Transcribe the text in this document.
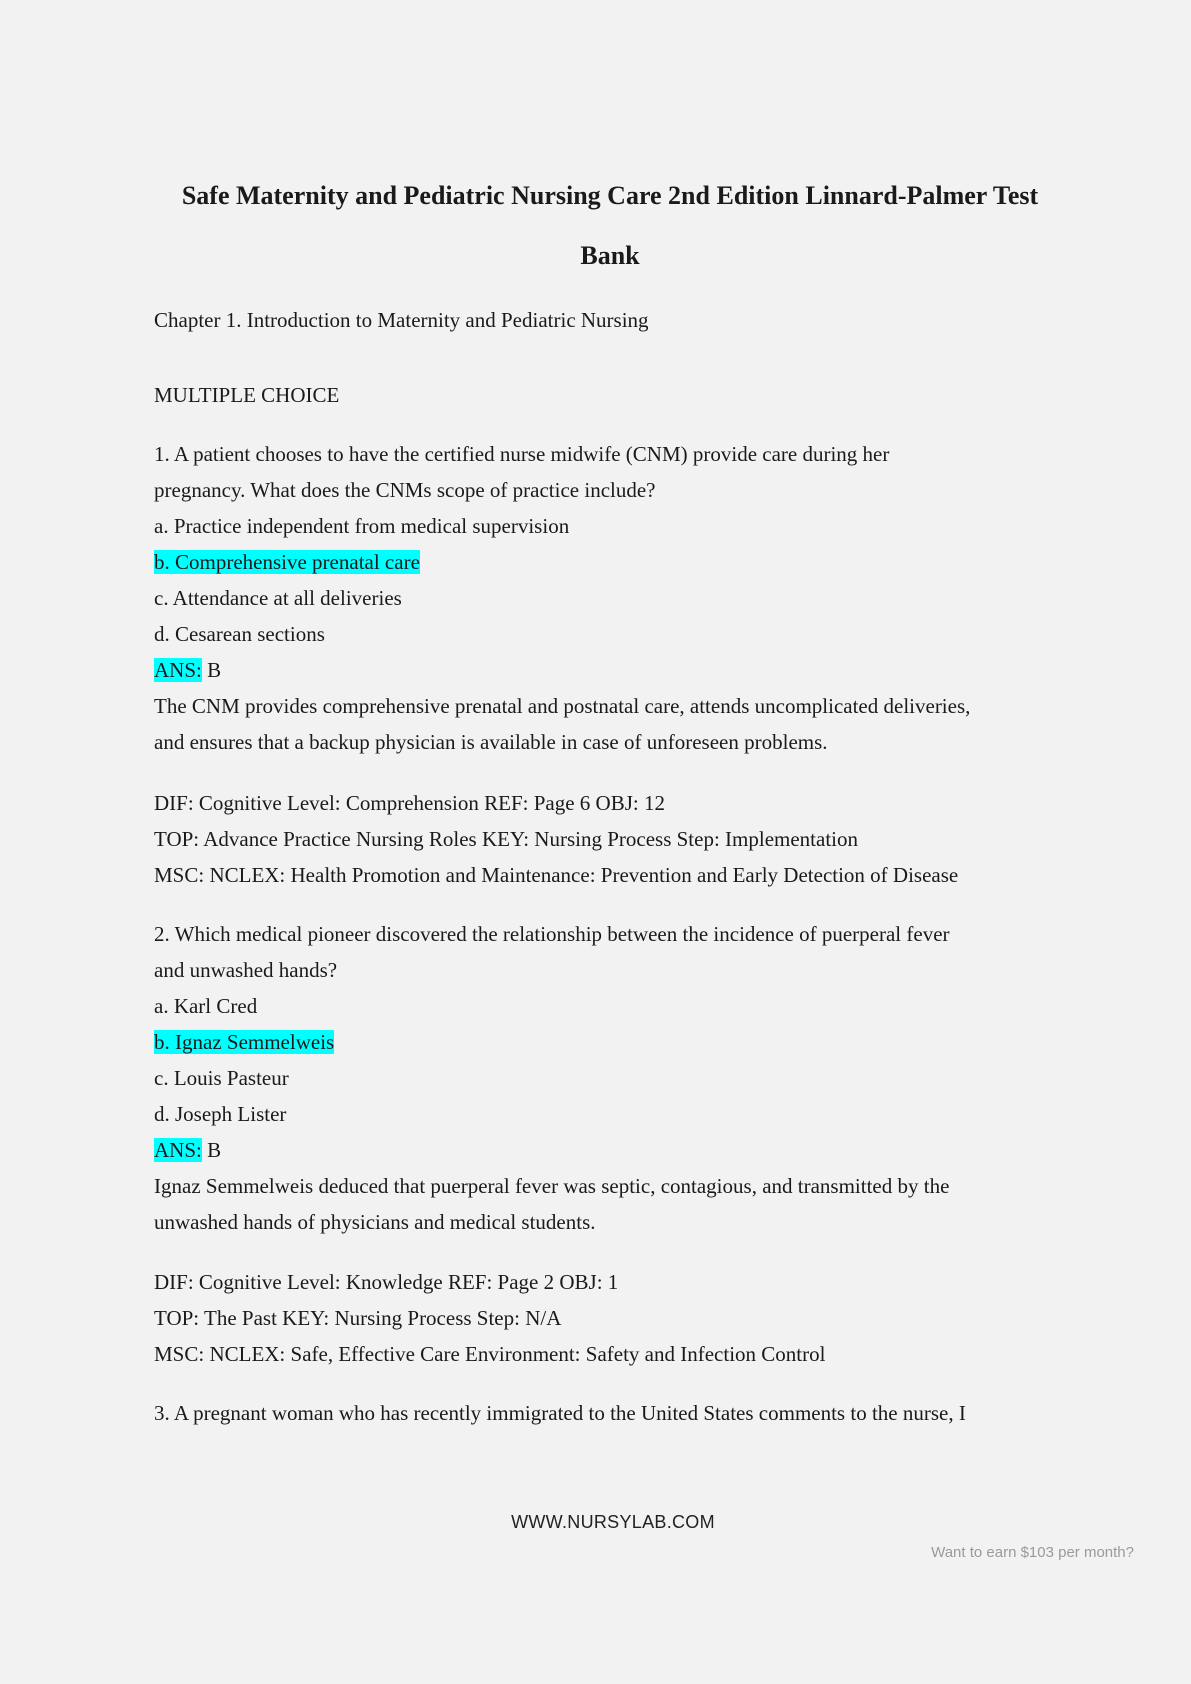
Safe Maternity and Pediatric Nursing Care 2nd Edition Linnard-Palmer Test
Bank
Chapter 1. Introduction to Maternity and Pediatric Nursing
MULTIPLE CHOICE
1. A patient chooses to have the certified nurse midwife (CNM) provide care during her
pregnancy. What does the CNMs scope of practice include?
a. Practice independent from medical supervision
b. Comprehensive prenatal care
c. Attendance at all deliveries
d. Cesarean sections
ANS: B
The CNM provides comprehensive prenatal and postnatal care, attends uncomplicated deliveries,
and ensures that a backup physician is available in case of unforeseen problems.
DIF: Cognitive Level: Comprehension REF: Page 6 OBJ: 12
TOP: Advance Practice Nursing Roles KEY: Nursing Process Step: Implementation
MSC: NCLEX: Health Promotion and Maintenance: Prevention and Early Detection of Disease
2. Which medical pioneer discovered the relationship between the incidence of puerperal fever
and unwashed hands?
a. Karl Cred
b. Ignaz Semmelweis
c. Louis Pasteur
d. Joseph Lister
ANS: B
Ignaz Semmelweis deduced that puerperal fever was septic, contagious, and transmitted by the
unwashed hands of physicians and medical students.
DIF: Cognitive Level: Knowledge REF: Page 2 OBJ: 1
TOP: The Past KEY: Nursing Process Step: N/A
MSC: NCLEX: Safe, Effective Care Environment: Safety and Infection Control
3. A pregnant woman who has recently immigrated to the United States comments to the nurse, I
WWW.NURSYLAB.COM
Want to earn $103 per month?
